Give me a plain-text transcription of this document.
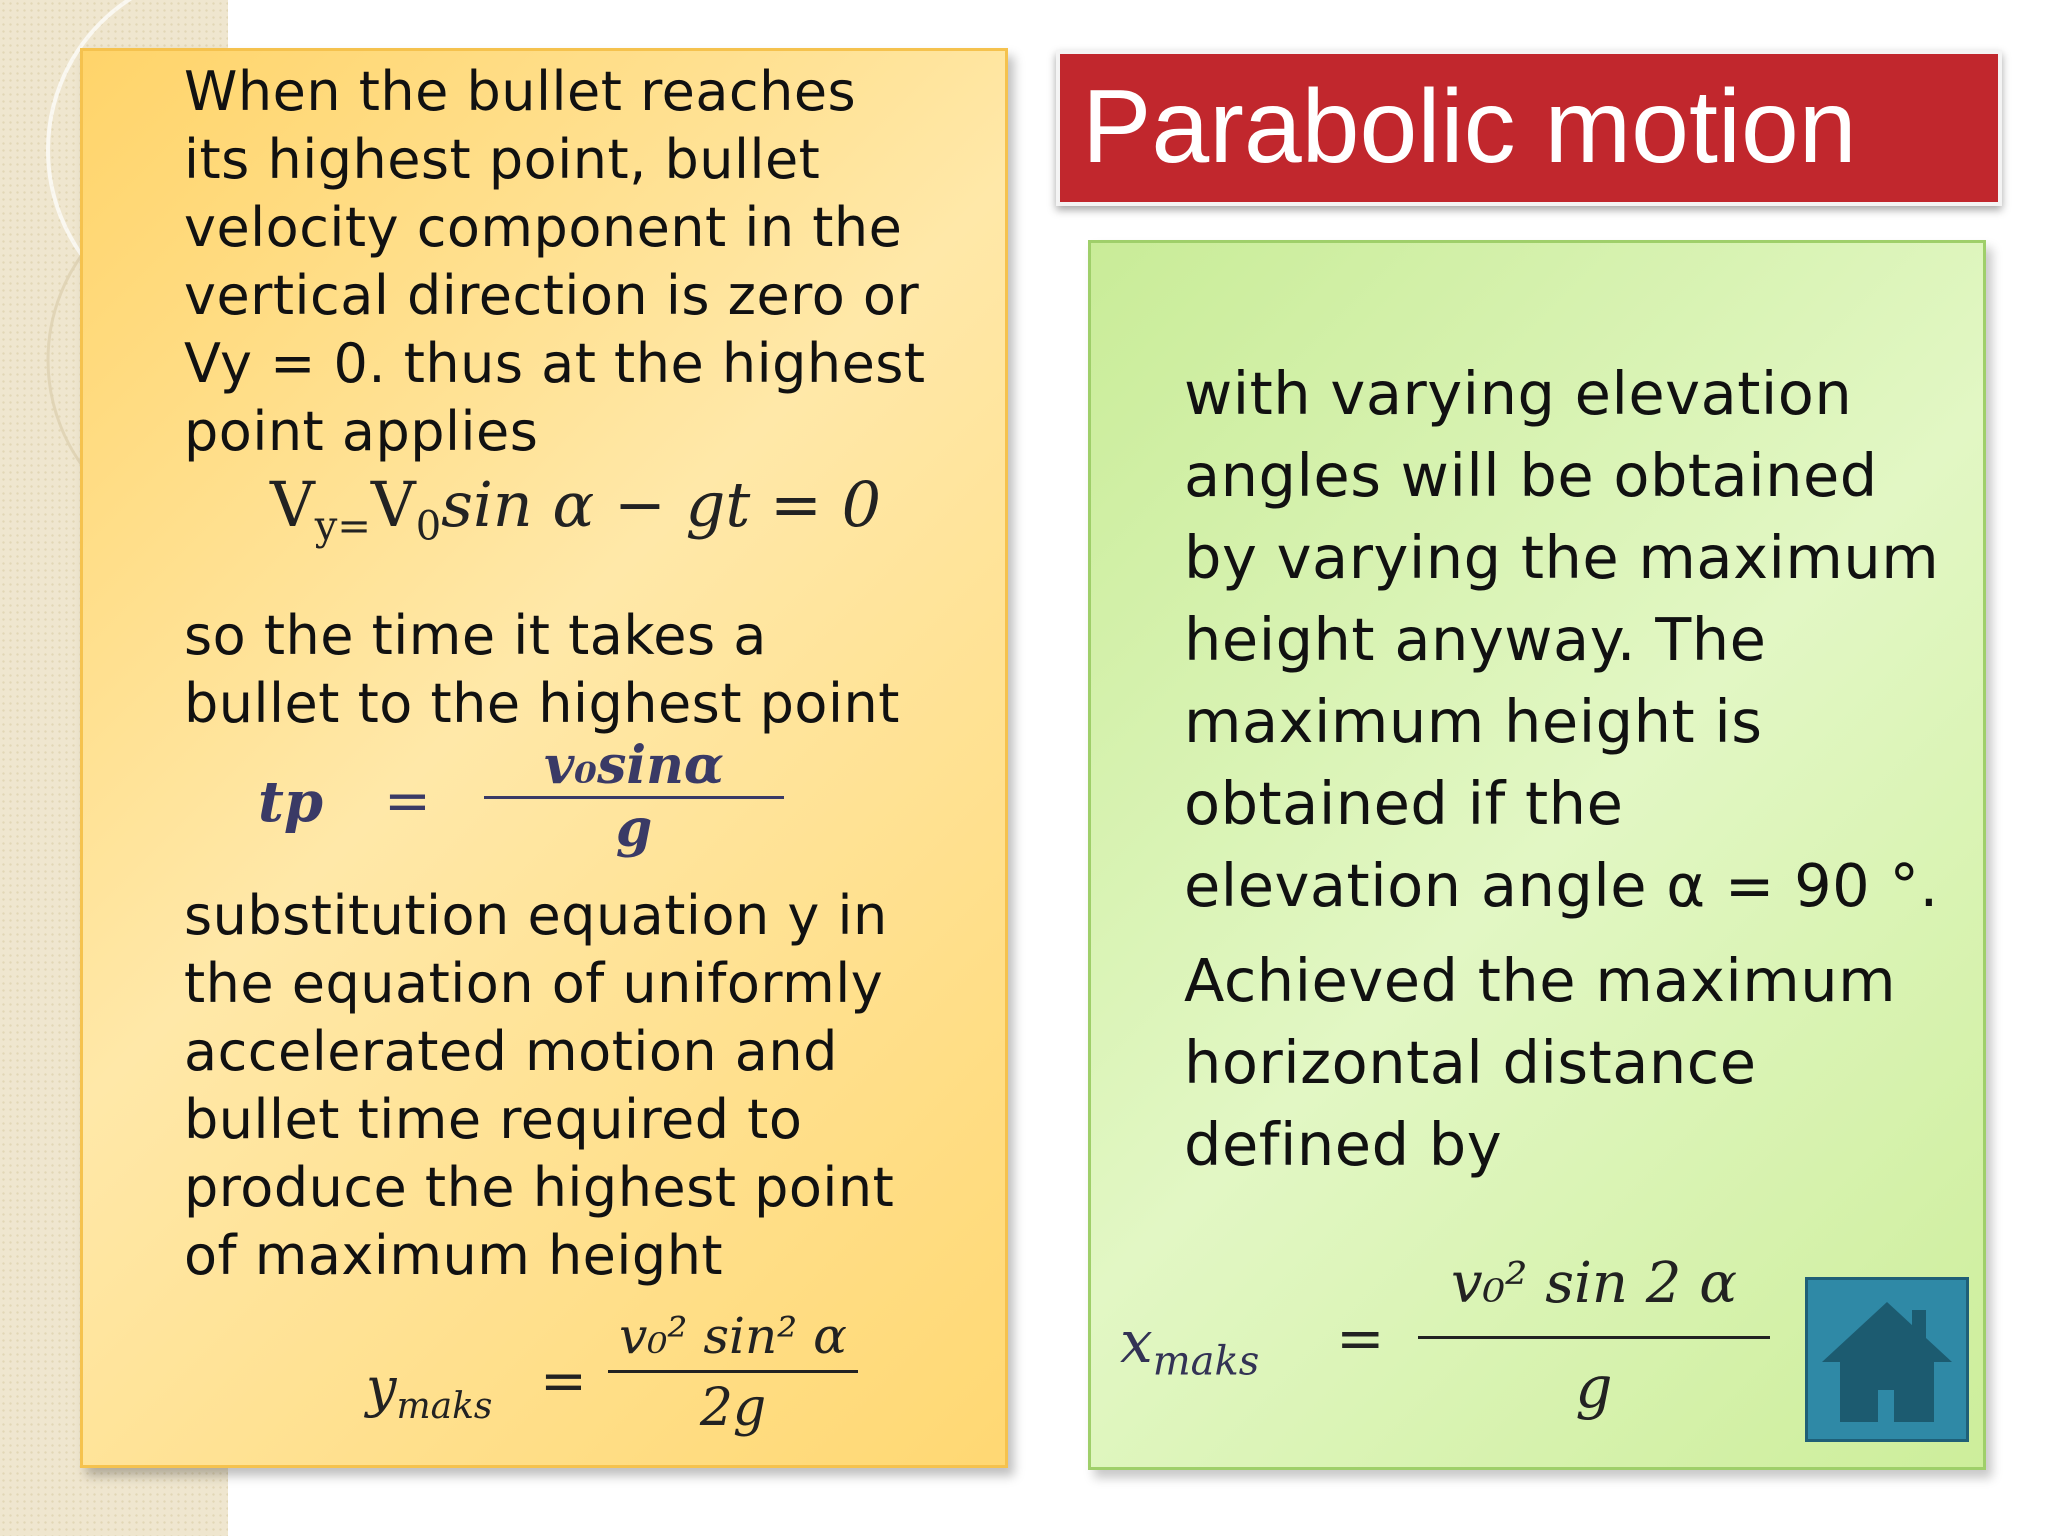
Parabolic motion
When the bullet reaches
its highest point, bullet
velocity component in the
vertical direction is zero or
Vy = 0. thus at the highest
point applies
$V_{y=}V_0\sin$ α − gt = 0
so the time it takes a
bullet to the highest point
tp =
v₀sinα
g
substitution equation y in
the equation of uniformly
accelerated motion and
bullet time required to
produce the highest point
of maximum height
$y_{maks}$ =
v₀² sin² α
2g
with varying elevation
angles will be obtained
by varying the maximum
height anyway. The
maximum height is
obtained if the
elevation angle α = 90 °.
Achieved the maximum
horizontal distance
defined by
$x_{maks}$ =
v₀² sin 2 α
g
